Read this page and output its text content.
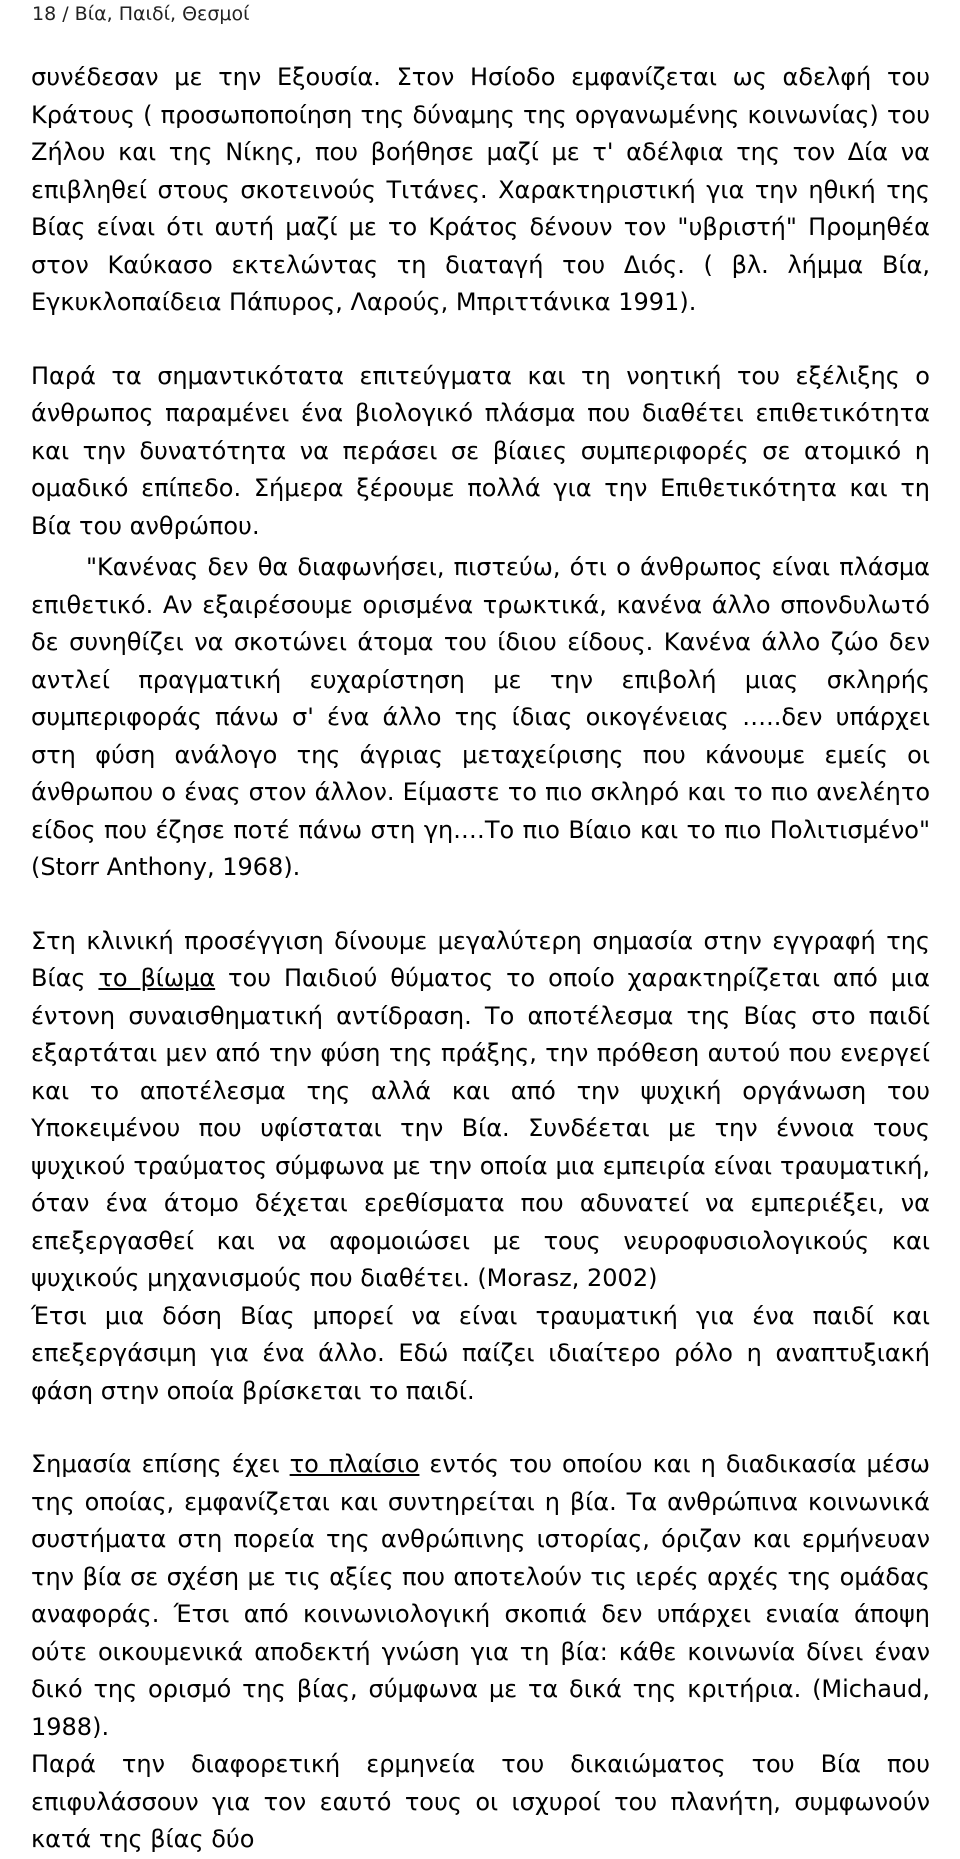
18 / Βία, Παιδί, Θεσμοί

συνέδεσαν με την Εξουσία. Στον Ησίοδο εμφανίζεται ως αδελφή του Κράτους ( προσωποποίηση της δύναμης της οργανωμένης κοινωνίας) του Ζήλου και της Νίκης, που βοήθησε μαζί με τ' αδέλφια της τον Δία να επιβληθεί στους σκοτεινούς Τιτάνες. Χαρακτηριστική για την ηθική της Βίας είναι ότι αυτή μαζί με το Κράτος δένουν τον "υβριστή" Προμηθέα στον Καύκασο εκτελώντας τη διαταγή του Διός. ( βλ. λήμμα Βία, Εγκυκλοπαίδεια Πάπυρος, Λαρούς, Μπριττάνικα 1991).

Παρά τα σημαντικότατα επιτεύγματα και τη νοητική του εξέλιξης ο άνθρωπος παραμένει ένα βιολογικό πλάσμα που διαθέτει επιθετικότητα και την δυνατότητα να περάσει σε βίαιες συμπεριφορές σε ατομικό η ομαδικό επίπεδο. Σήμερα ξέρουμε πολλά για την Επιθετικότητα και τη Βία του ανθρώπου.

"Κανένας δεν θα διαφωνήσει, πιστεύω, ότι ο άνθρωπος είναι πλάσμα επιθετικό. Αν εξαιρέσουμε ορισμένα τρωκτικά, κανένα άλλο σπονδυλωτό δε συνηθίζει να σκοτώνει άτομα του ίδιου είδους. Κανένα άλλο ζώο δεν αντλεί πραγματική ευχαρίστηση με την επιβολή μιας σκληρής συμπεριφοράς πάνω σ' ένα άλλο της ίδιας οικογένειας …..δεν υπάρχει στη φύση ανάλογο της άγριας μεταχείρισης που κάνουμε εμείς οι άνθρωπου ο ένας στον άλλον. Είμαστε το πιο σκληρό και το πιο ανελέητο είδος που έζησε ποτέ πάνω στη γη.…Το πιο Βίαιο και το πιο Πολιτισμένο" (Storr Anthony, 1968).

Στη κλινική προσέγγιση δίνουμε μεγαλύτερη σημασία στην εγγραφή της Βίας το βίωμα του Παιδιού θύματος το οποίο χαρακτηρίζεται από μια έντονη συναισθηματική αντίδραση. Το αποτέλεσμα της Βίας στο παιδί εξαρτάται μεν από την φύση της πράξης, την πρόθεση αυτού που ενεργεί και το αποτέλεσμα της αλλά και από την ψυχική οργάνωση του Υποκειμένου που υφίσταται την Βία. Συνδέεται με την έννοια τους ψυχικού τραύματος σύμφωνα με την οποία μια εμπειρία είναι τραυματική, όταν ένα άτομο δέχεται ερεθίσματα που αδυνατεί να εμπεριέξει, να επεξεργασθεί και να αφομοιώσει με τους νευροφυσιολογικούς και ψυχικούς μηχανισμούς που διαθέτει. (Morasz, 2002)

Έτσι μια δόση Βίας μπορεί να είναι τραυματική για ένα παιδί και επεξεργάσιμη για ένα άλλο. Εδώ παίζει ιδιαίτερο ρόλο η αναπτυξιακή φάση στην οποία βρίσκεται το παιδί.

Σημασία επίσης έχει το πλαίσιο εντός του οποίου και η διαδικασία μέσω της οποίας, εμφανίζεται και συντηρείται η βία. Τα ανθρώπινα κοινωνικά συστήματα στη πορεία της ανθρώπινης ιστορίας, όριζαν και ερμήνευαν την βία σε σχέση με τις αξίες που αποτελούν τις ιερές αρχές της ομάδας αναφοράς. Έτσι από κοινωνιολογική σκοπιά δεν υπάρχει ενιαία άποψη ούτε οικουμενικά αποδεκτή γνώση για τη βία: κάθε κοινωνία δίνει έναν δικό της ορισμό της βίας, σύμφωνα με τα δικά της κριτήρια. (Michaud, 1988).

Παρά την διαφορετική ερμηνεία του δικαιώματος του Βία που επιφυλάσσουν για τον εαυτό τους οι ισχυροί του πλανήτη, συμφωνούν κατά της βίας δύο
